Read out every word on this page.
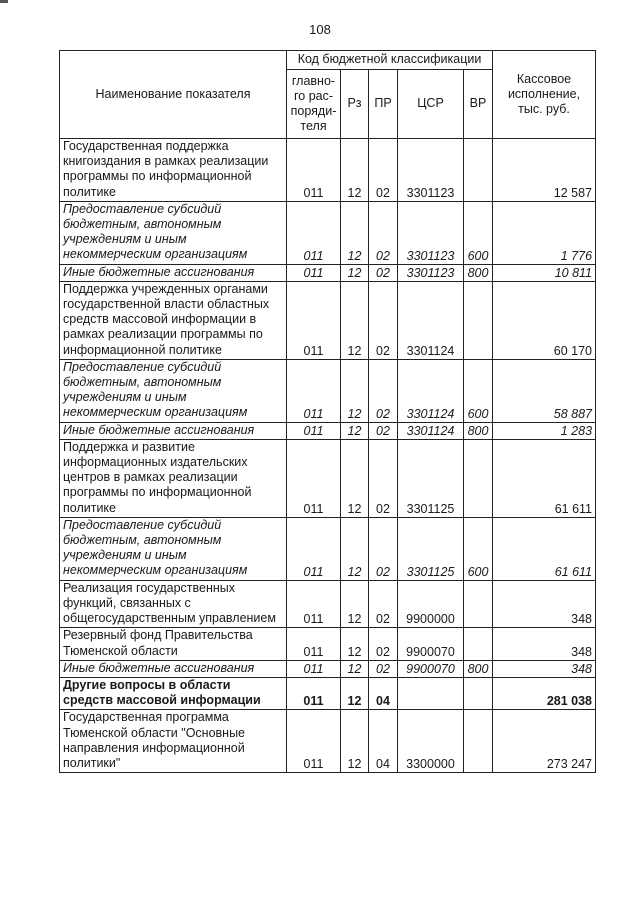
108
Наименование показателя	Код бюджетной классификации					Кассовое исполнение, тыс. руб.
	главно-го рас-поряди-теля	Рз	ПР	ЦСР	ВР	
Государственная поддержка книгоиздания в рамках реализации программы по информационной политике	011	12	02	3301123		12 587
Предоставление субсидий бюджетным, автономным учреждениям и иным некоммерческим организациям	011	12	02	3301123	600	1 776
Иные бюджетные ассигнования	011	12	02	3301123	800	10 811
Поддержка учрежденных органами государственной власти областных средств массовой информации в рамках реализации программы по информационной политике	011	12	02	3301124		60 170
Предоставление субсидий бюджетным, автономным учреждениям и иным некоммерческим организациям	011	12	02	3301124	600	58 887
Иные бюджетные ассигнования	011	12	02	3301124	800	1 283
Поддержка и развитие информационных издательских центров в рамках реализации программы по информационной политике	011	12	02	3301125		61 611
Предоставление субсидий бюджетным, автономным учреждениям и иным некоммерческим организациям	011	12	02	3301125	600	61 611
Реализация государственных функций, связанных с общегосударственным управлением	011	12	02	9900000		348
Резервный фонд Правительства Тюменской области	011	12	02	9900070		348
Иные бюджетные ассигнования	011	12	02	9900070	800	348
Другие вопросы в области средств массовой информации	011	12	04			281 038
Государственная программа Тюменской области "Основные направления информационной политики"	011	12	04	3300000		273 247
